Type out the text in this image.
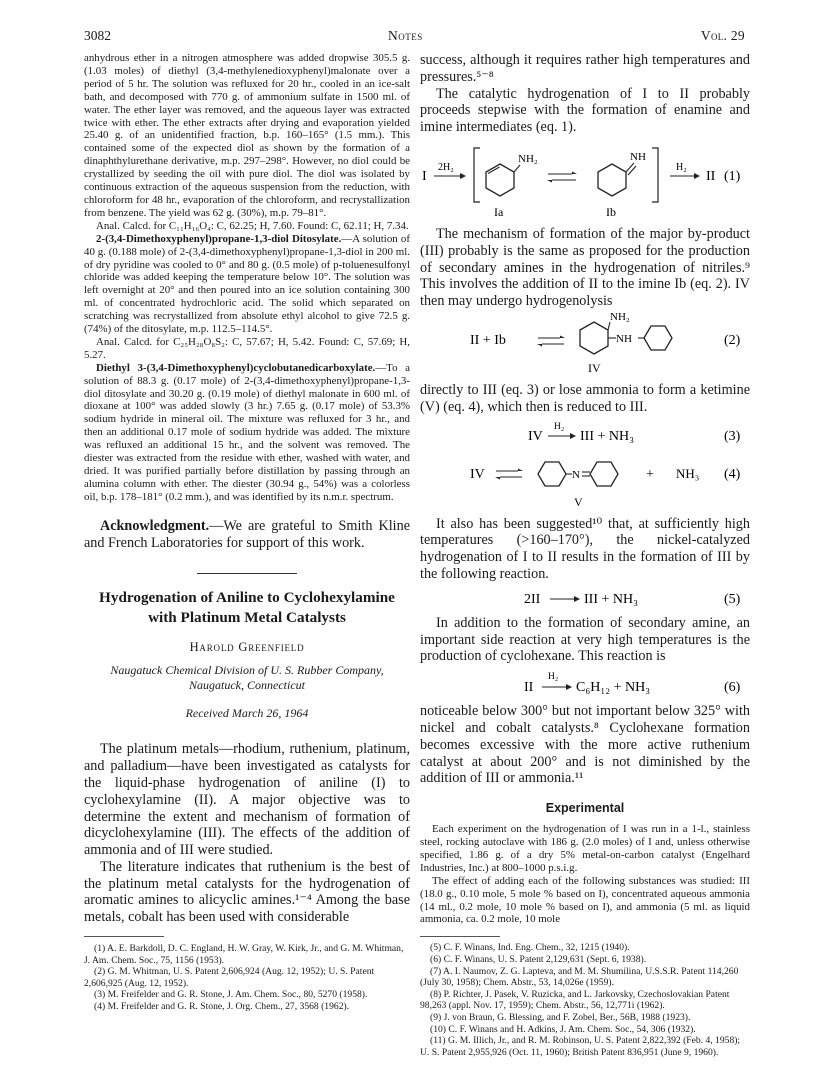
3082	Notes	Vol. 29

anhydrous ether in a nitrogen atmosphere was added dropwise 305.5 g. (1.03 moles) of diethyl (3,4-methylenedioxyphenyl)malonate over a period of 5 hr. The solution was refluxed for 20 hr., cooled in an ice-salt bath, and decomposed with 770 g. of ammonium sulfate in 1500 ml. of water. The ether layer was removed, and the aqueous layer was extracted twice with ether. The ether extracts after drying and evaporation yielded 25.40 g. of an unidentified fraction, b.p. 160–165° (1.5 mm.). This contained some of the expected diol as shown by the formation of a dinaphthylurethane derivative, m.p. 297–298°. However, no diol could be crystallized by seeding the oil with pure diol. The diol was isolated by continuous extraction of the aqueous suspension from the reduction, with chloroform for 48 hr., evaporation of the chloroform, and recrystallization from benzene. The yield was 62 g. (30%), m.p. 79–81°.

Anal. Calcd. for C₁₁H₁₆O₄: C, 62.25; H, 7.60. Found: C, 62.11; H, 7.34.

2-(3,4-Dimethoxyphenyl)propane-1,3-diol Ditosylate.—A solution of 40 g. (0.188 mole) of 2-(3,4-dimethoxyphenyl)propane-1,3-diol in 200 ml. of dry pyridine was cooled to 0° and 80 g. (0.5 mole) of p-toluenesulfonyl chloride was added keeping the temperature below 10°. The solution was left overnight at 20° and then poured into an ice solution containing 300 ml. of concentrated hydrochloric acid. The solid which separated on scratching was recrystallized from absolute ethyl alcohol to give 72.5 g. (74%) of the ditosylate, m.p. 112.5–114.5°.

Anal. Calcd. for C₂₅H₂₈O₈S₂: C, 57.67; H, 5.42. Found: C, 57.69; H, 5.27.

Diethyl 3-(3,4-Dimethoxyphenyl)cyclobutanedicarboxylate.—To a solution of 88.3 g. (0.17 mole) of 2-(3,4-dimethoxyphenyl)propane-1,3-diol ditosylate and 30.20 g. (0.19 mole) of diethyl malonate in 600 ml. of dioxane at 100° was added slowly (3 hr.) 7.65 g. (0.17 mole) of 53.3% sodium hydride in mineral oil. The mixture was refluxed for 3 hr., and then an additional 0.17 mole of sodium hydride was added. The mixture was refluxed an additional 15 hr., and the solvent was removed. The diester was extracted from the residue with ether, washed with water, and dried. It was purified partially before distillation by passing through an alumina column with ether. The diester (30.94 g., 54%) was a colorless oil, b.p. 178–181° (0.2 mm.), and was identified by its n.m.r. spectrum.

Acknowledgment.—We are grateful to Smith Kline and French Laboratories for support of this work.

Hydrogenation of Aniline to Cyclohexylamine
with Platinum Metal Catalysts
Harold Greenfield
Naugatuck Chemical Division of U. S. Rubber Company,
Naugatuck, Connecticut
Received March 26, 1964

The platinum metals—rhodium, ruthenium, platinum, and palladium—have been investigated as catalysts for the liquid-phase hydrogenation of aniline (I) to cyclohexylamine (II). A major objective was to determine the extent and mechanism of formation of dicyclohexylamine (III). The effects of the addition of ammonia and of III were studied.

The literature indicates that ruthenium is the best of the platinum metal catalysts for the hydrogenation of aromatic amines to alicyclic amines.¹⁻⁴ Among the base metals, cobalt has been used with considerable

(1) A. E. Barkdoll, D. C. England, H. W. Gray, W. Kirk, Jr., and G. M. Whitman, J. Am. Chem. Soc., 75, 1156 (1953).

(2) G. M. Whitman, U. S. Patent 2,606,924 (Aug. 12, 1952); U. S. Patent 2,606,925 (Aug. 12, 1952).

(3) M. Freifelder and G. R. Stone, J. Am. Chem. Soc., 80, 5270 (1958).

(4) M. Freifelder and G. R. Stone, J. Org. Chem., 27, 3568 (1962).

success, although it requires rather high temperatures and pressures.⁵⁻⁸

The catalytic hydrogenation of I to II probably proceeds stepwise with the formation of enamine and imine intermediates (eq. 1).

I
2H₂
NH₂	NH
H₂
II (1)
Ia	Ib

The mechanism of formation of the major by-product (III) probably is the same as proposed for the production of secondary amines in the hydrogenation of nitriles.⁹ This involves the addition of II to the imine Ib (eq. 2). IV then may undergo hydrogenolysis

II + Ib
NH₂
NH	(2)
IV

directly to III (eq. 3) or lose ammonia to form a ketimine (V) (eq. 4), which then is reduced to III.

IV
H₂
III + NH₃	(3)
IV	N	+ NH₃ (4)
V

It also has been suggested¹⁰ that, at sufficiently high temperatures (>160–170°), the nickel-catalyzed hydrogenation of I to II results in the formation of III by the following reaction.

2II	III + NH₃	(5)

In addition to the formation of secondary amine, an important side reaction at very high temperatures is the production of cyclohexane. This reaction is

II
H₂
C₆H₁₂ + NH₃	(6)

noticeable below 300° but not important below 325° with nickel and cobalt catalysts.⁸ Cyclohexane formation becomes excessive with the more active ruthenium catalyst at about 200° and is not diminished by the addition of III or ammonia.¹¹

Experimental

Each experiment on the hydrogenation of I was run in a 1-l., stainless steel, rocking autoclave with 186 g. (2.0 moles) of I and, unless otherwise specified, 1.86 g. of a dry 5% metal-on-carbon catalyst (Engelhard Industries, Inc.) at 800–1000 p.s.i.g.

The effect of adding each of the following substances was studied: III (18.0 g., 0.10 mole, 5 mole % based on I), concentrated aqueous ammonia (14 ml., 0.2 mole, 10 mole % based on I), and ammonia (5 ml. as liquid ammonia, ca. 0.2 mole, 10 mole

(5) C. F. Winans, Ind. Eng. Chem., 32, 1215 (1940).

(6) C. F. Winans, U. S. Patent 2,129,631 (Sept. 6, 1938).

(7) A. I. Naumov, Z. G. Lapteva, and M. M. Shumilina, U.S.S.R. Patent 114,260 (July 30, 1958); Chem. Abstr., 53, 14,026e (1959).

(8) P. Richter, J. Pasek, V. Ruzicka, and L. Jarkovsky, Czechoslovakian Patent 98,263 (appl. Nov. 17, 1959); Chem. Abstr., 56, 12,771i (1962).

(9) J. von Braun, G. Blessing, and F. Zobel, Ber., 56B, 1988 (1923).

(10) C. F. Winans and H. Adkins, J. Am. Chem. Soc., 54, 306 (1932).

(11) G. M. Illich, Jr., and R. M. Robinson, U. S. Patent 2,822,392 (Feb. 4, 1958); U. S. Patent 2,955,926 (Oct. 11, 1960); British Patent 836,951 (June 9, 1960).
